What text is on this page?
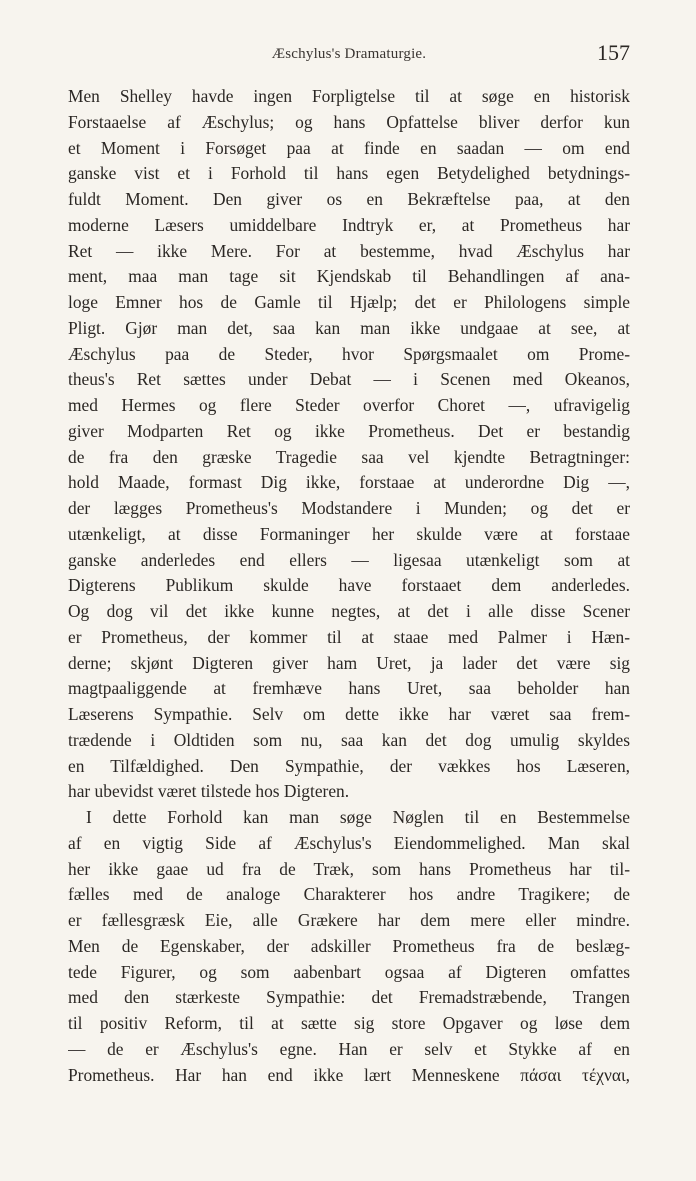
Æschylus's Dramaturgie.	157
Men Shelley havde ingen Forpligtelse til at søge en historisk
Forstaaelse af Æschylus; og hans Opfattelse bliver derfor kun
et Moment i Forsøget paa at finde en saadan — om end
ganske vist et i Forhold til hans egen Betydelighed betydnings-
fuldt Moment. Den giver os en Bekræftelse paa, at den
moderne Læsers umiddelbare Indtryk er, at Prometheus har
Ret — ikke Mere. For at bestemme, hvad Æschylus har
ment, maa man tage sit Kjendskab til Behandlingen af ana-
loge Emner hos de Gamle til Hjælp; det er Philologens simple
Pligt. Gjør man det, saa kan man ikke undgaae at see, at
Æschylus paa de Steder, hvor Spørgsmaalet om Prome-
theus's Ret sættes under Debat — i Scenen med Okeanos,
med Hermes og flere Steder overfor Choret —, ufravigelig
giver Modparten Ret og ikke Prometheus. Det er bestandig
de fra den græske Tragedie saa vel kjendte Betragtninger:
hold Maade, formast Dig ikke, forstaae at underordne Dig —,
der lægges Prometheus's Modstandere i Munden; og det er
utænkeligt, at disse Formaninger her skulde være at forstaae
ganske anderledes end ellers — ligesaa utænkeligt som at
Digterens Publikum skulde have forstaaet dem anderledes.
Og dog vil det ikke kunne negtes, at det i alle disse Scener
er Prometheus, der kommer til at staae med Palmer i Hæn-
derne; skjønt Digteren giver ham Uret, ja lader det være sig
magtpaaliggende at fremhæve hans Uret, saa beholder han
Læserens Sympathie. Selv om dette ikke har været saa frem-
trædende i Oldtiden som nu, saa kan det dog umulig skyldes
en Tilfældighed. Den Sympathie, der vækkes hos Læseren,
har ubevidst været tilstede hos Digteren.
I dette Forhold kan man søge Nøglen til en Bestemmelse
af en vigtig Side af Æschylus's Eiendommelighed. Man skal
her ikke gaae ud fra de Træk, som hans Prometheus har til-
fælles med de analoge Charakterer hos andre Tragikere; de
er fællesgræsk Eie, alle Grækere har dem mere eller mindre.
Men de Egenskaber, der adskiller Prometheus fra de beslæg-
tede Figurer, og som aabenbart ogsaa af Digteren omfattes
med den stærkeste Sympathie: det Fremadstræbende, Trangen
til positiv Reform, til at sætte sig store Opgaver og løse dem
— de er Æschylus's egne. Han er selv et Stykke af en
Prometheus. Har han end ikke lært Menneskene πάσαι τέχναι,
